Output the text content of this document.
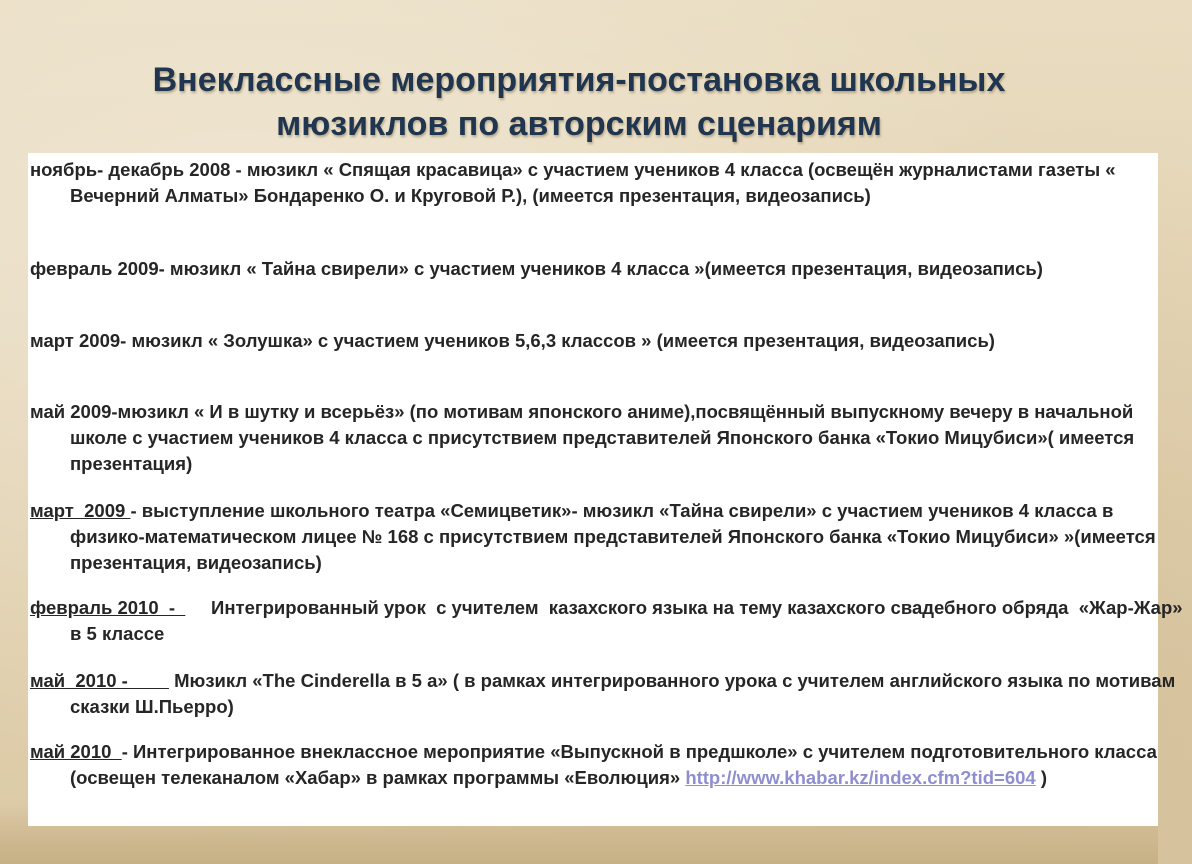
Внеклассные мероприятия-постановка школьных
мюзиклов по авторским сценариям

ноябрь- декабрь 2008 - мюзикл « Спящая красавица» с участием учеников 4 класса (освещён журналистами газеты « Вечерний Алматы» Бондаренко О. и Круговой Р.), (имеется презентация, видеозапись)

февраль 2009- мюзикл « Тайна свирели» с участием учеников 4 класса »(имеется презентация, видеозапись)

март 2009- мюзикл « Золушка» с участием учеников 5,6,3 классов » (имеется презентация, видеозапись)

май 2009-мюзикл « И в шутку и всерьёз» (по мотивам японского аниме),посвящённый выпускному вечеру в начальной школе с участием учеников 4 класса с присутствием представителей Японского банка «Токио Мицубиси»( имеется презентация)

март  2009 - выступление школьного театра «Семицветик»- мюзикл «Тайна свирели» с участием учеников 4 класса в физико-математическом лицее № 168 с присутствием представителей Японского банка «Токио Мицубиси» »(имеется презентация, видеозапись)

февраль 2010  -       Интегрированный урок  с учителем  казахского языка на тему казахского свадебного обряда  «Жар-Жар» в 5 классе

май  2010 -         Мюзикл «The Cinderella в 5 а» ( в рамках интегрированного урока с учителем английского языка по мотивам сказки Ш.Пьерро)

май 2010  - Интегрированное внеклассное мероприятие «Выпускной в предшколе» с учителем подготовительного класса (освещен телеканалом «Хабар» в рамках программы «Еволюция» http://www.khabar.kz/index.cfm?tid=604 )
